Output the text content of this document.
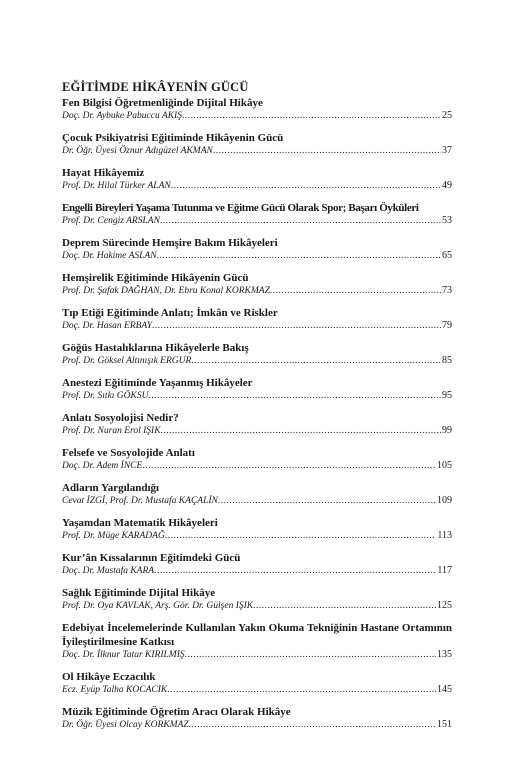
EĞİTİMDE HİKÂYENİN GÜCÜ
Fen Bilgisi Öğretmenliğinde Dijital Hikâye
Doç. Dr. Aybuke Pabuccu AKIŞ .....	25
Çocuk Psikiyatrisi Eğitiminde Hikâyenin Gücü
Dr. Öğr. Üyesi Öznur Adıgüzel AKMAN .....	37
Hayat Hikâyemiz
Prof. Dr. Hilal Türker ALAN .....	49
Engelli Bireyleri Yaşama Tutunma ve Eğitme Gücü Olarak Spor; Başarı Öyküleri
Prof. Dr. Cengiz ARSLAN .....	53
Deprem Sürecinde Hemşire Bakım Hikâyeleri
Doç. Dr. Hakime ASLAN .....	65
Hemşirelik Eğitiminde Hikâyenin Gücü
Prof. Dr. Şafak DAĞHAN, Dr. Ebru Konal KORKMAZ .....	73
Tıp Etiği Eğitiminde Anlatı; İmkân ve Riskler
Doç. Dr. Hasan ERBAY .....	79
Göğüs Hastalıklarına Hikâyelerle Bakış
Prof. Dr. Göksel Altınışık ERGUR .....	85
Anestezi Eğitiminde Yaşanmış Hikâyeler
Prof. Dr. Sıtkı GÖKSU .....	95
Anlatı Sosyolojisi Nedir?
Prof. Dr. Nuran Erol IŞIK .....	99
Felsefe ve Sosyolojide Anlatı
Doç. Dr. Adem İNCE .....	105
Adların Yargılandığı
Cevat İZGİ, Prof. Dr. Mustafa KAÇALİN .....	109
Yaşamdan Matematik Hikâyeleri
Prof. Dr. Müge KARADAĞ .....	113
Kur’ân Kıssalarının Eğitimdeki Gücü
Doç. Dr. Mustafa KARA .....	117
Sağlık Eğitiminde Dijital Hikâye
Prof. Dr. Oya KAVLAK, Arş. Gör. Dr. Gülşen IŞIK .....	125
Edebiyat İncelemelerinde Kullanılan Yakın Okuma Tekniğinin Hastane Ortamının İyileştirilmesine Katkısı
Doç. Dr. İlknur Tatar KIRILMIŞ .....	135
Ol Hikâye Eczacılık
Ecz. Eyüp Talha KOCACIK .....	145
Müzik Eğitiminde Öğretim Aracı Olarak Hikâye
Dr. Öğr. Üyesi Olcay KORKMAZ .....	151
